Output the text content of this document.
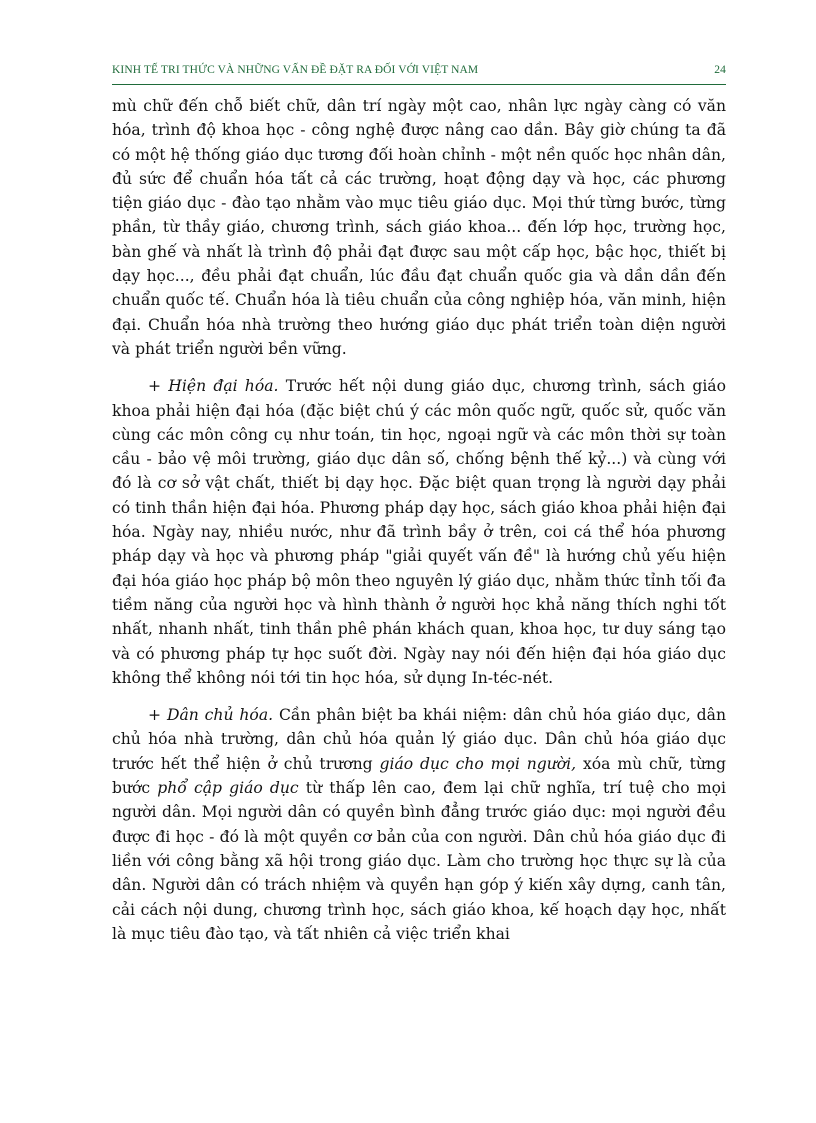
KINH TẾ TRI THỨC VÀ NHỮNG VẤN ĐỀ ĐẶT RA ĐỐI VỚI VIỆT NAM	24

mù chữ đến chỗ biết chữ, dân trí ngày một cao, nhân lực ngày càng có văn hóa, trình độ khoa học - công nghệ được nâng cao dần. Bây giờ chúng ta đã có một hệ thống giáo dục tương đối hoàn chỉnh - một nền quốc học nhân dân, đủ sức để chuẩn hóa tất cả các trường, hoạt động dạy và học, các phương tiện giáo dục - đào tạo nhằm vào mục tiêu giáo dục. Mọi thứ từng bước, từng phần, từ thầy giáo, chương trình, sách giáo khoa... đến lớp học, trường học, bàn ghế và nhất là trình độ phải đạt được sau một cấp học, bậc học, thiết bị dạy học..., đều phải đạt chuẩn, lúc đầu đạt chuẩn quốc gia và dần dần đến chuẩn quốc tế. Chuẩn hóa là tiêu chuẩn của công nghiệp hóa, văn minh, hiện đại. Chuẩn hóa nhà trường theo hướng giáo dục phát triển toàn diện người và phát triển người bền vững.

+ Hiện đại hóa. Trước hết nội dung giáo dục, chương trình, sách giáo khoa phải hiện đại hóa (đặc biệt chú ý các môn quốc ngữ, quốc sử, quốc văn cùng các môn công cụ như toán, tin học, ngoại ngữ và các môn thời sự toàn cầu - bảo vệ môi trường, giáo dục dân số, chống bệnh thế kỷ...) và cùng với đó là cơ sở vật chất, thiết bị dạy học. Đặc biệt quan trọng là người dạy phải có tinh thần hiện đại hóa. Phương pháp dạy học, sách giáo khoa phải hiện đại hóa. Ngày nay, nhiều nước, như đã trình bầy ở trên, coi cá thể hóa phương pháp dạy và học và phương pháp "giải quyết vấn đề" là hướng chủ yếu hiện đại hóa giáo học pháp bộ môn theo nguyên lý giáo dục, nhằm thức tỉnh tối đa tiềm năng của người học và hình thành ở người học khả năng thích nghi tốt nhất, nhanh nhất, tinh thần phê phán khách quan, khoa học, tư duy sáng tạo và có phương pháp tự học suốt đời. Ngày nay nói đến hiện đại hóa giáo dục không thể không nói tới tin học hóa, sử dụng In-téc-nét.

+ Dân chủ hóa. Cần phân biệt ba khái niệm: dân chủ hóa giáo dục, dân chủ hóa nhà trường, dân chủ hóa quản lý giáo dục. Dân chủ hóa giáo dục trước hết thể hiện ở chủ trương giáo dục cho mọi người, xóa mù chữ, từng bước phổ cập giáo dục từ thấp lên cao, đem lại chữ nghĩa, trí tuệ cho mọi người dân. Mọi người dân có quyền bình đẳng trước giáo dục: mọi người đều được đi học - đó là một quyền cơ bản của con người. Dân chủ hóa giáo dục đi liền với công bằng xã hội trong giáo dục. Làm cho trường học thực sự là của dân. Người dân có trách nhiệm và quyền hạn góp ý kiến xây dựng, canh tân, cải cách nội dung, chương trình học, sách giáo khoa, kế hoạch dạy học, nhất là mục tiêu đào tạo, và tất nhiên cả việc triển khai
